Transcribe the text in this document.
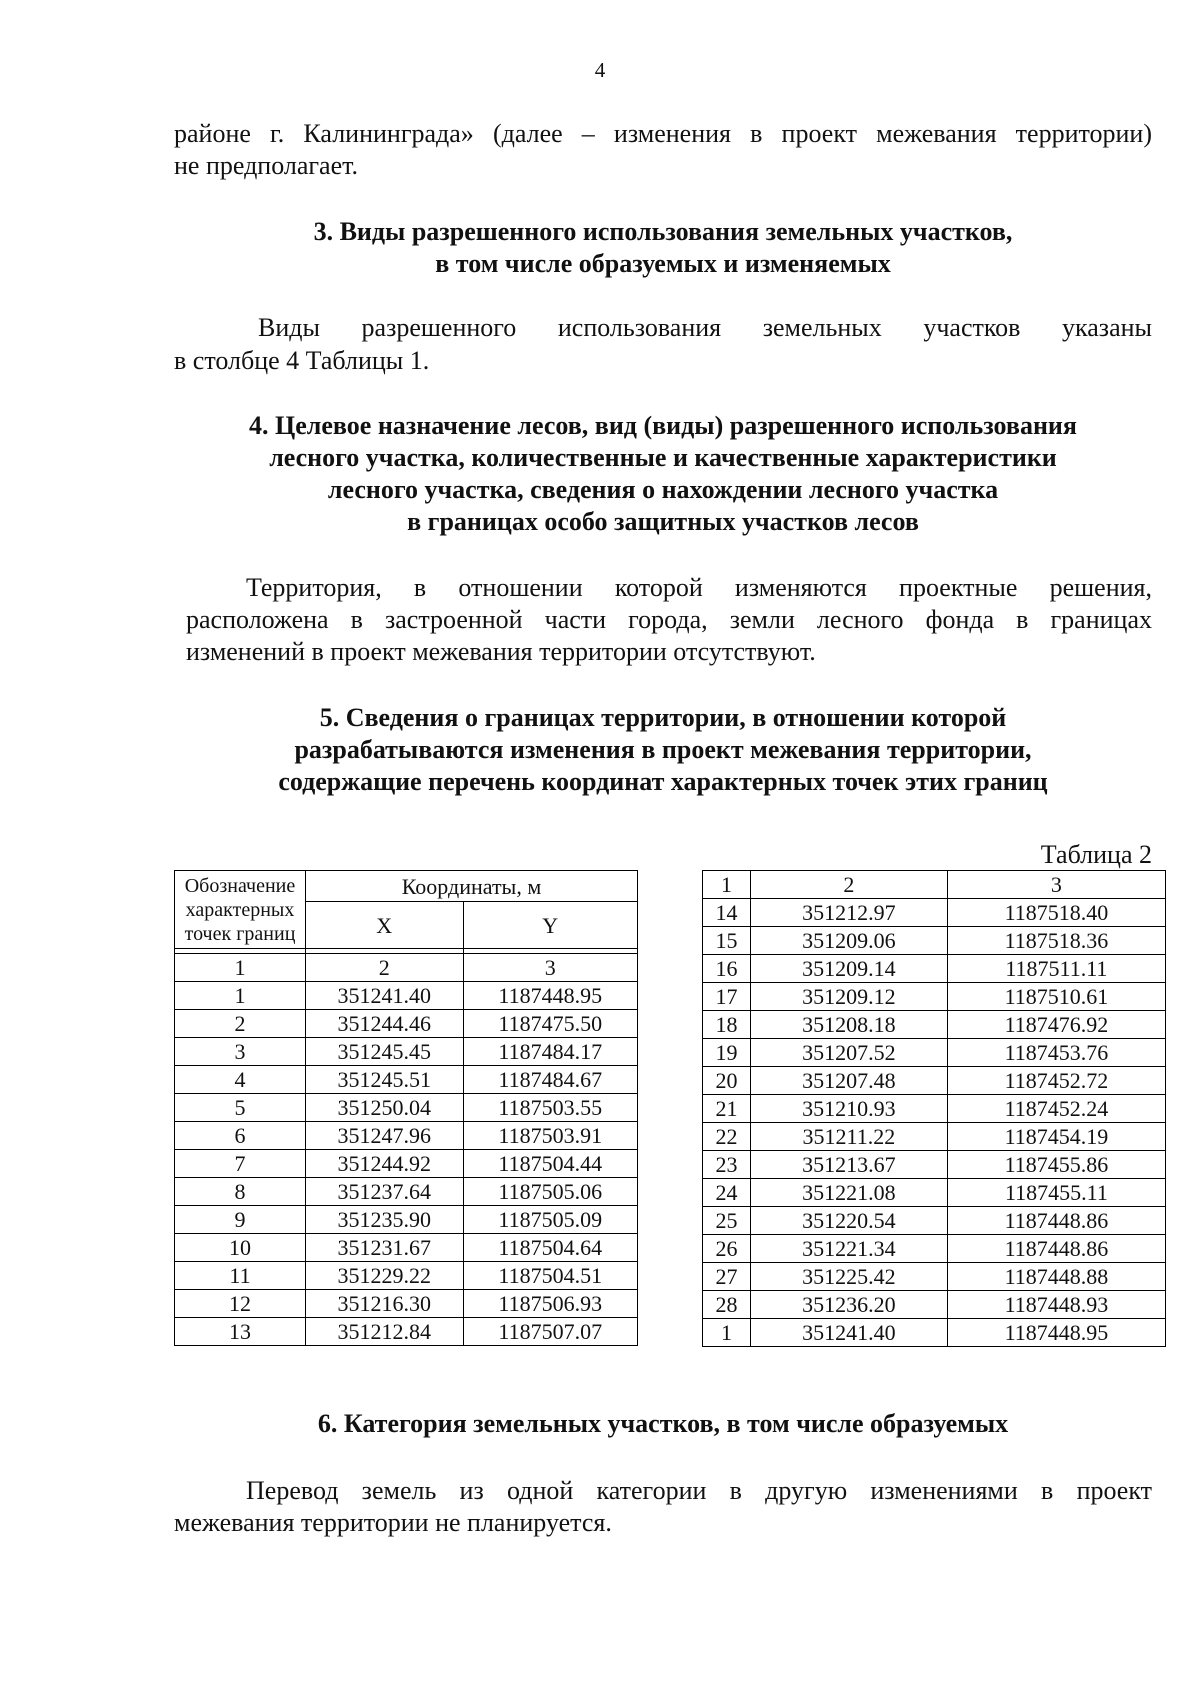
4

районе г. Калининграда» (далее – изменения в проект межевания территории)

не предполагает.

3. Виды разрешенного использования земельных участков,
в том числе образуемых и изменяемых

Виды разрешенного использования земельных участков указаны

в столбце 4 Таблицы 1.

4. Целевое назначение лесов, вид (виды) разрешенного использования
лесного участка, количественные и качественные характеристики
лесного участка, сведения о нахождении лесного участка
в границах особо защитных участков лесов

Территория, в отношении которой изменяются проектные решения,

расположена в застроенной части города, земли лесного фонда в границах

изменений в проект межевания территории отсутствуют.

5. Сведения о границах территории, в отношении которой
разрабатываются изменения в проект межевания территории,
содержащие перечень координат характерных точек этих границ
Таблица 2
Обозначение характерных точек границ	Координаты, м	
	X	Y

1	2	3
1	351241.40	1187448.95
2	351244.46	1187475.50
3	351245.45	1187484.17
4	351245.51	1187484.67
5	351250.04	1187503.55
6	351247.96	1187503.91
7	351244.92	1187504.44
8	351237.64	1187505.06
9	351235.90	1187505.09
10	351231.67	1187504.64
11	351229.22	1187504.51
12	351216.30	1187506.93
13	351212.84	1187507.07
1	2	3
14	351212.97	1187518.40
15	351209.06	1187518.36
16	351209.14	1187511.11
17	351209.12	1187510.61
18	351208.18	1187476.92
19	351207.52	1187453.76
20	351207.48	1187452.72
21	351210.93	1187452.24
22	351211.22	1187454.19
23	351213.67	1187455.86
24	351221.08	1187455.11
25	351220.54	1187448.86
26	351221.34	1187448.86
27	351225.42	1187448.88
28	351236.20	1187448.93
1	351241.40	1187448.95
6. Категория земельных участков, в том числе образуемых

Перевод земель из одной категории в другую изменениями в проект

межевания территории не планируется.
